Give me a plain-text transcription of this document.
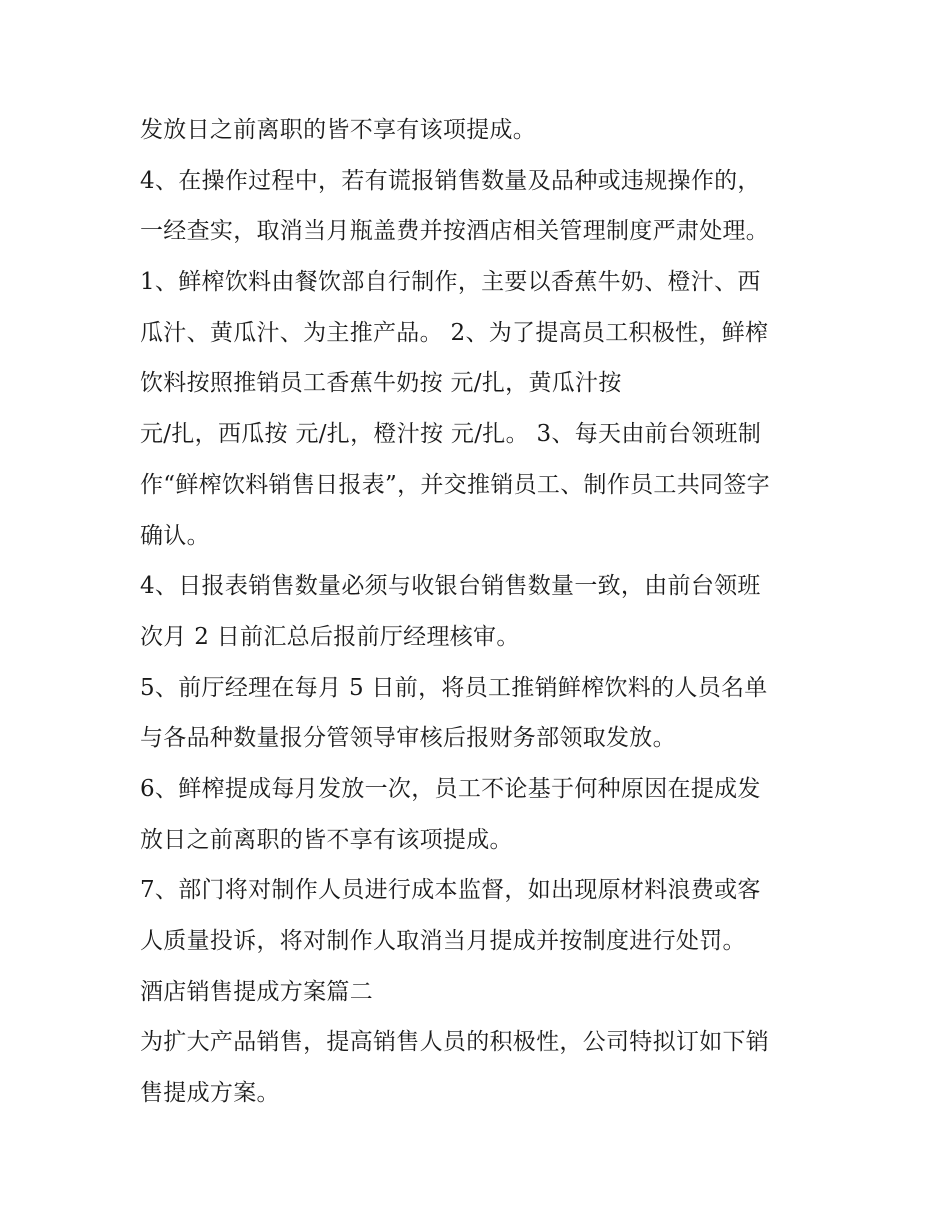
发放日之前离职的皆不享有该项提成。
4、在操作过程中，若有谎报销售数量及品种或违规操作的，
一经查实，取消当月瓶盖费并按酒店相关管理制度严肃处理。
1、鲜榨饮料由餐饮部自行制作，主要以香蕉牛奶、橙汁、西
瓜汁、黄瓜汁、为主推产品。 2、为了提高员工积极性，鲜榨
饮料按照推销员工香蕉牛奶按 元/扎，黄瓜汁按
元/扎，西瓜按 元/扎，橙汁按 元/扎。 3、每天由前台领班制
作“鲜榨饮料销售日报表”，并交推销员工、制作员工共同签字
确认。
4、日报表销售数量必须与收银台销售数量一致，由前台领班
次月 2 日前汇总后报前厅经理核审。
5、前厅经理在每月 5 日前，将员工推销鲜榨饮料的人员名单
与各品种数量报分管领导审核后报财务部领取发放。
6、鲜榨提成每月发放一次，员工不论基于何种原因在提成发
放日之前离职的皆不享有该项提成。
7、部门将对制作人员进行成本监督，如出现原材料浪费或客
人质量投诉，将对制作人取消当月提成并按制度进行处罚。
酒店销售提成方案篇二
为扩大产品销售，提高销售人员的积极性，公司特拟订如下销
售提成方案。
